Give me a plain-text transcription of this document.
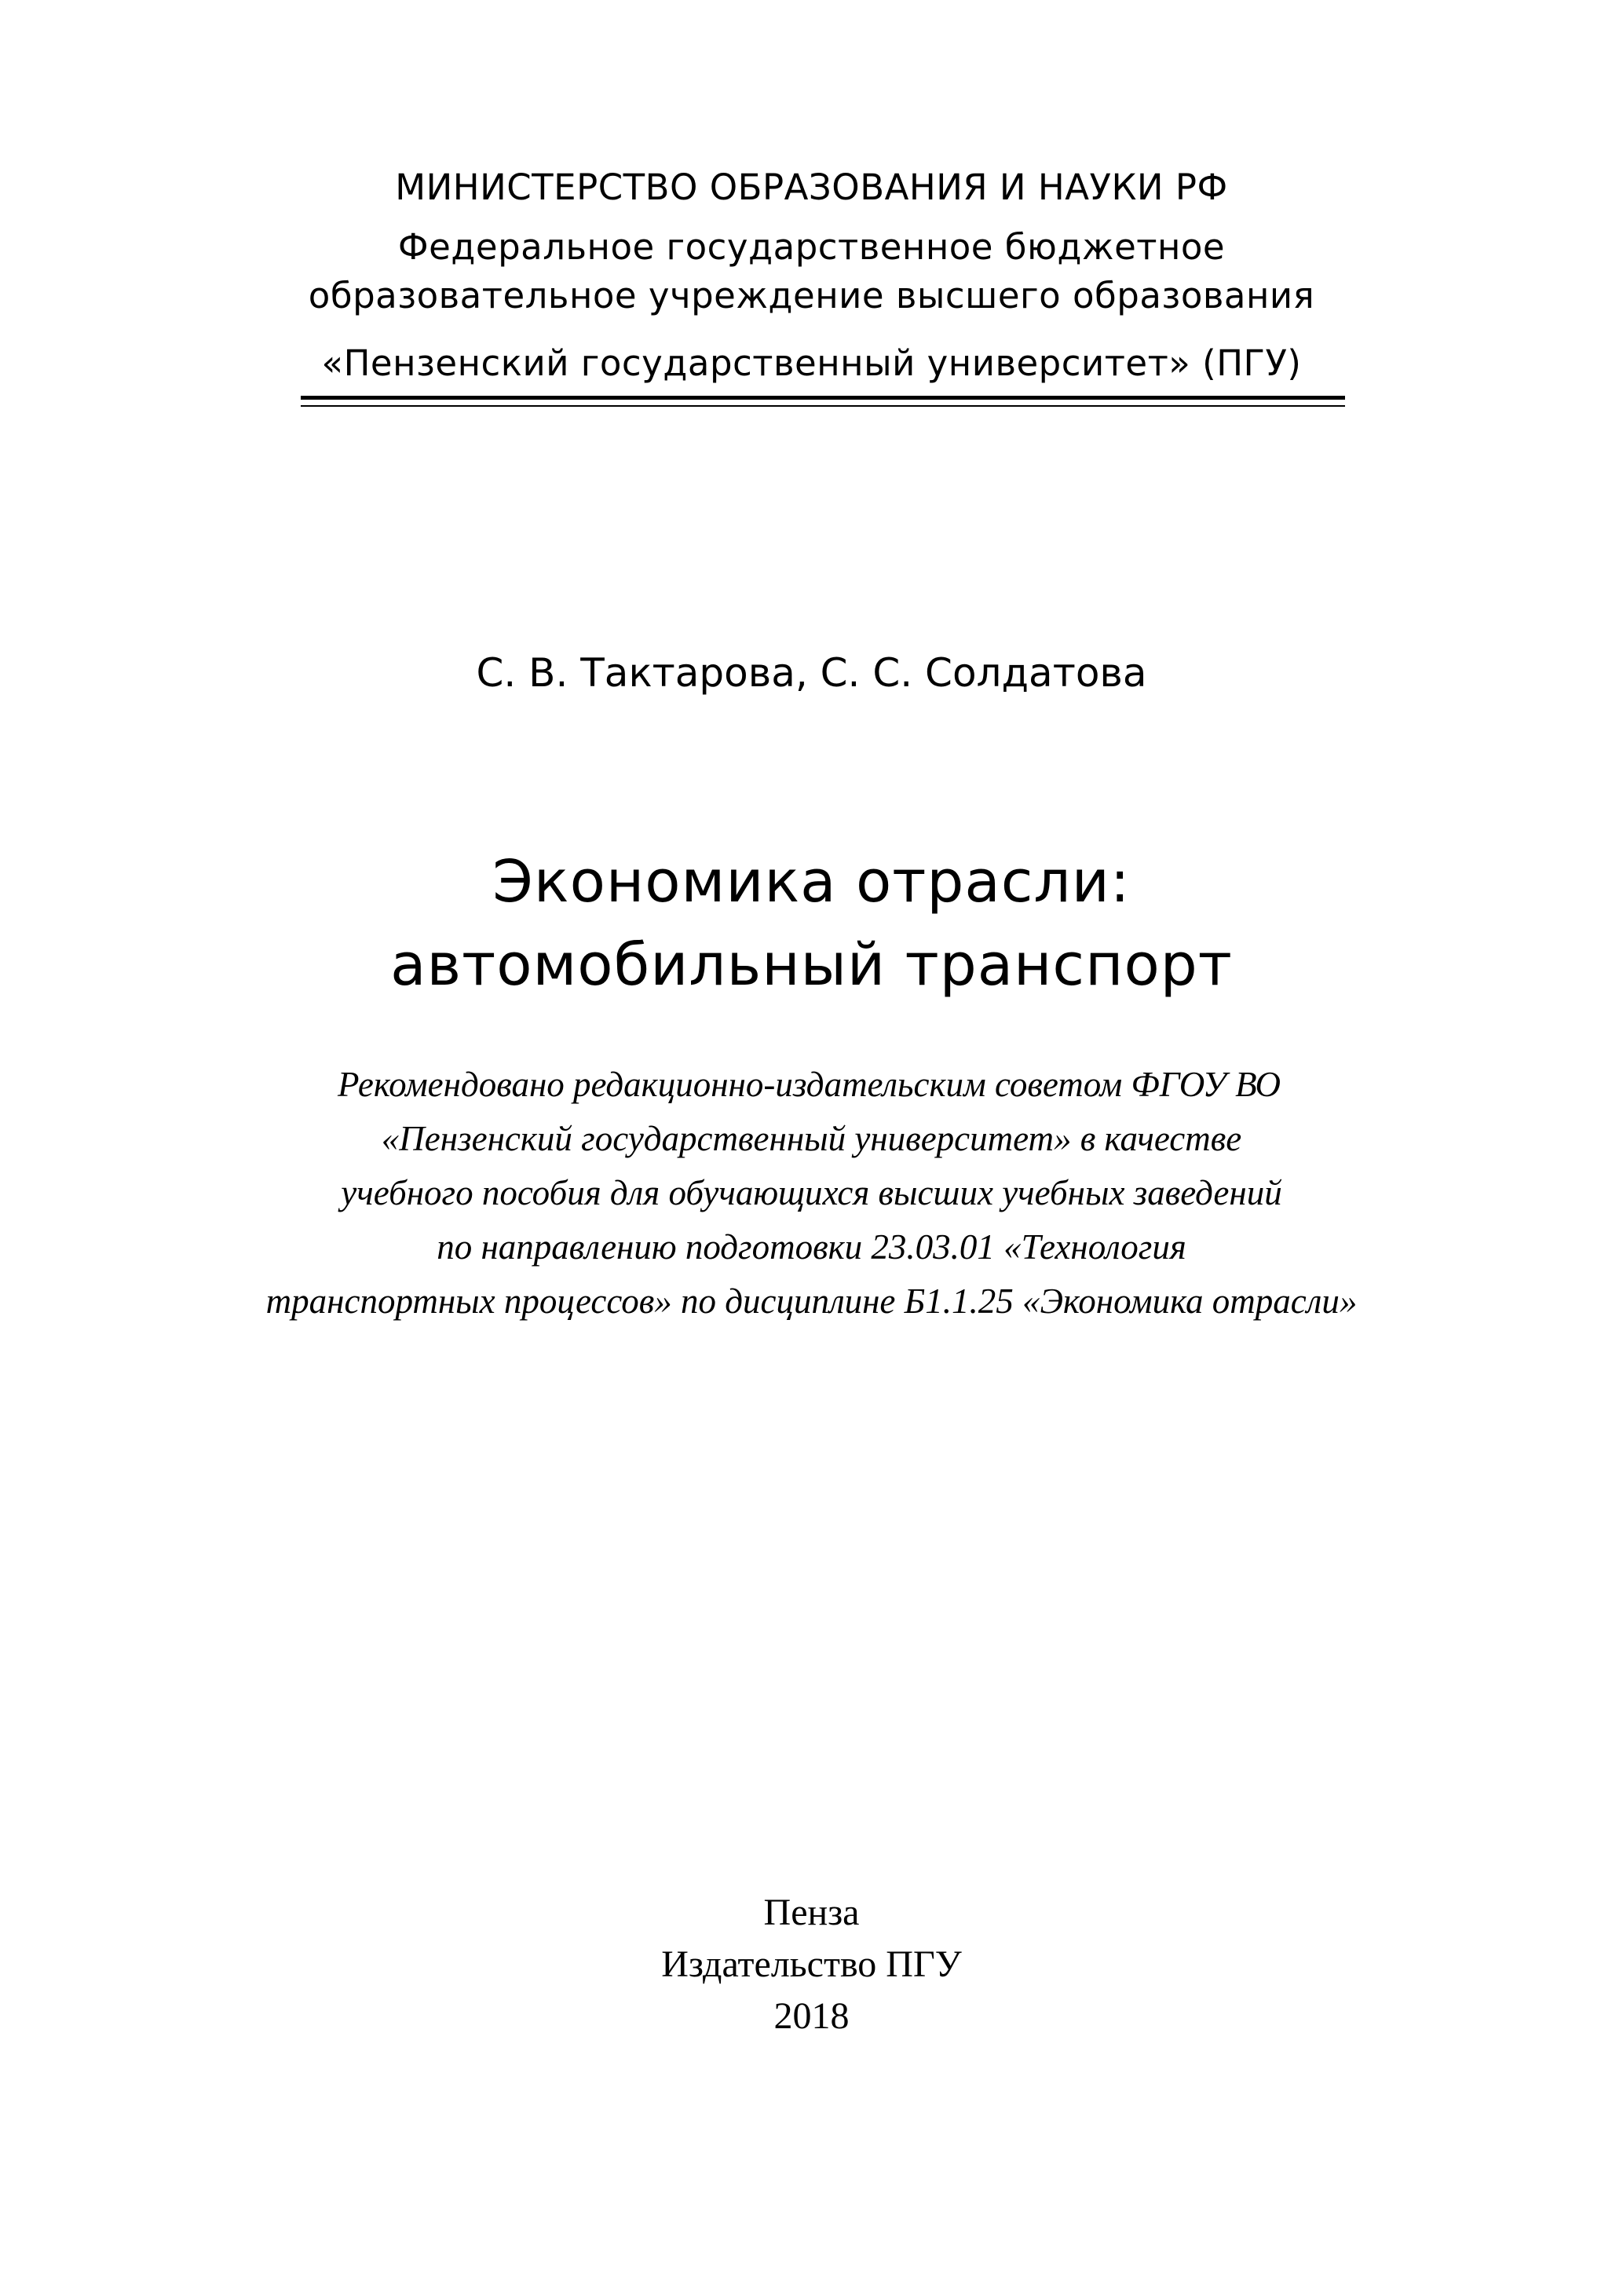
МИНИСТЕРСТВО ОБРАЗОВАНИЯ И НАУКИ РФ
Федеральное государственное бюджетное
образовательное учреждение высшего образования
«Пензенский государственный университет» (ПГУ)
С. В. Тактарова, С. С. Солдатова
Экономика отрасли:
автомобильный транспорт
Рекомендовано редакционно-издательским советом ФГОУ ВО
«Пензенский государственный университет» в качестве
учебного пособия для обучающихся высших учебных заведений
по направлению подготовки 23.03.01 «Технология
транспортных процессов» по дисциплине Б1.1.25 «Экономика отрасли»
Пенза
Издательство ПГУ
2018
